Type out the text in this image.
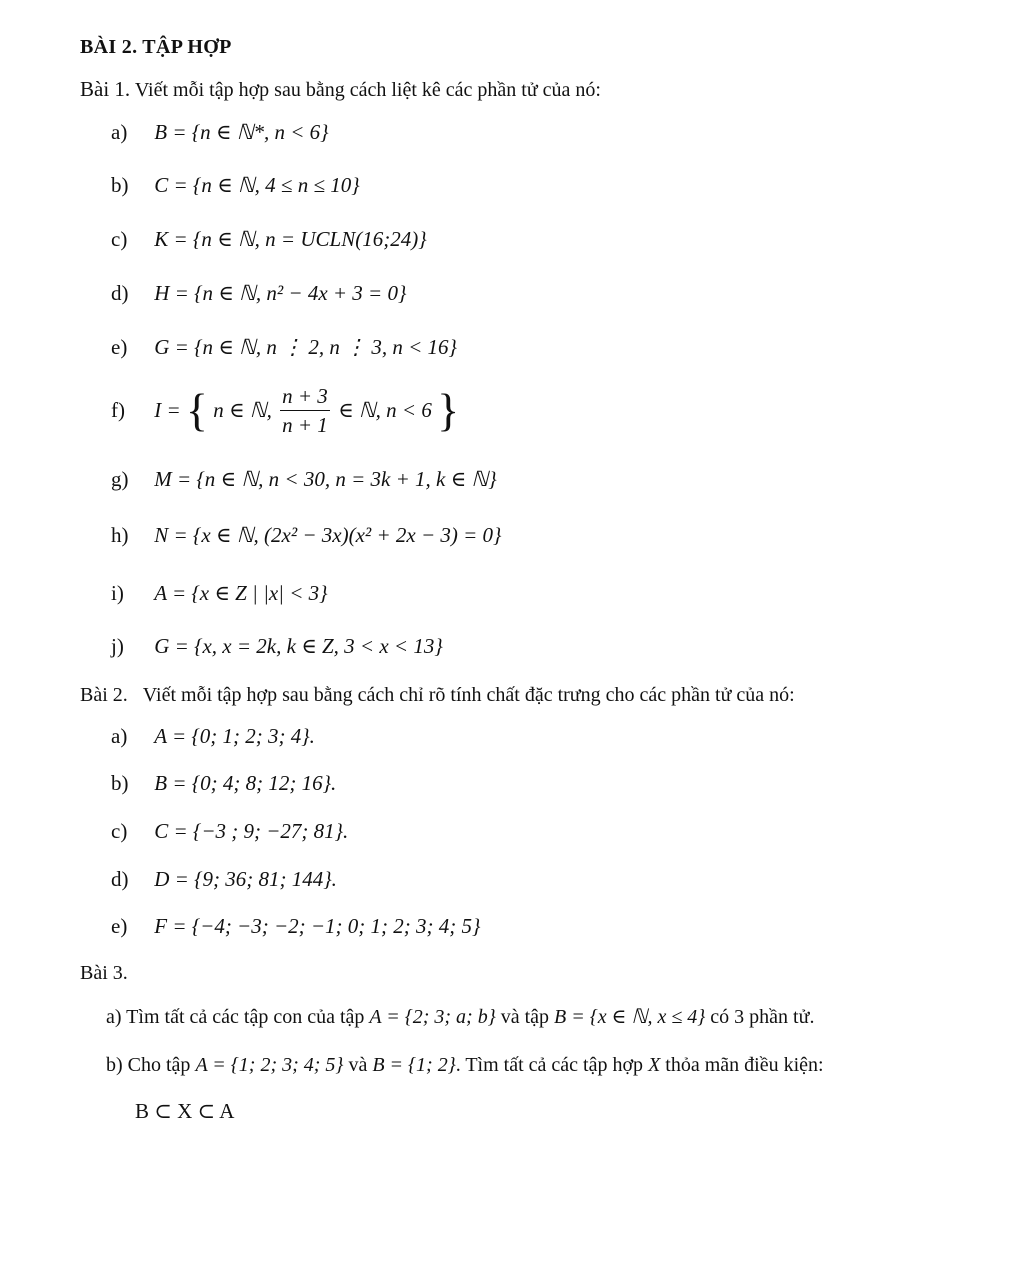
BÀI 2. TẬP HỢP
Bài 1. Viết mỗi tập hợp sau bằng cách liệt kê các phần tử của nó:
a) B = {n ∈ ℕ*, n < 6}
b) C = {n ∈ ℕ, 4 ≤ n ≤ 10}
c) K = {n ∈ ℕ, n = UCLN(16;24)}
d) H = {n ∈ ℕ, n² − 4x + 3 = 0}
e) G = {n ∈ ℕ, n ⋮ 2, n ⋮ 3, n < 16}
f) I = { n ∈ ℕ, $\frac{n + 3}{n + 1}$ ∈ ℕ, n < 6 }
g) M = {n ∈ ℕ, n < 30, n = 3k + 1, k ∈ ℕ}
h) N = {x ∈ ℕ, (2x² − 3x)(x² + 2x − 3) = 0}
i) A = {x ∈ Z | |x| < 3}
j) G = {x, x = 2k, k ∈ Z, 3 < x < 13}
Bài 2. Viết mỗi tập hợp sau bằng cách chỉ rõ tính chất đặc trưng cho các phần tử của nó:
a) A = {0; 1; 2; 3; 4}.
b) B = {0; 4; 8; 12; 16}.
c) C = {−3 ; 9; −27; 81}.
d) D = {9; 36; 81; 144}.
e) F = {−4; −3; −2; −1; 0; 1; 2; 3; 4; 5}
Bài 3.
a) Tìm tất cả các tập con của tập A = {2; 3; a; b} và tập B = {x ∈ ℕ, x ≤ 4} có 3 phần tử.
b) Cho tập A = {1; 2; 3; 4; 5} và B = {1; 2}. Tìm tất cả các tập hợp X thỏa mãn điều kiện:
B ⊂ X ⊂ A
